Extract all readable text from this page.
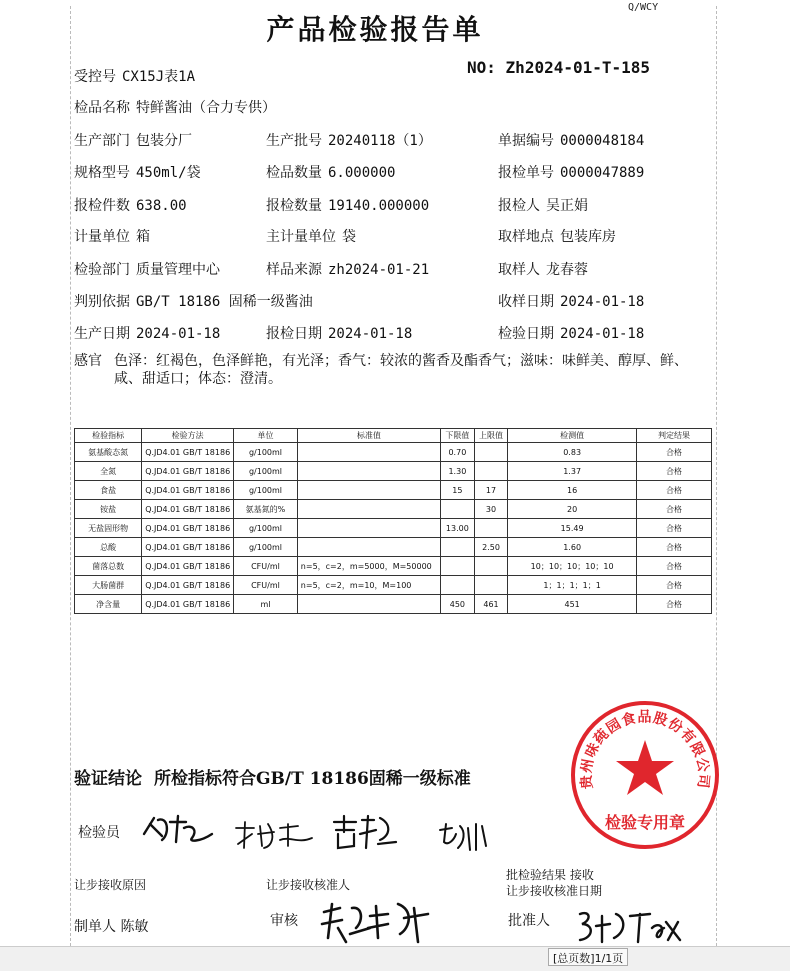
Q/WCY
产品检验报告单
受控号 CX15J表1A	NO: Zh2024-01-T-185
检品名称 特鲜酱油（合力专供）
生产部门 包装分厂	生产批号 20240118（1）	单据编号 0000048184
规格型号 450ml/袋	检品数量 6.000000	报检单号 0000047889
报检件数 638.00	报检数量 19140.000000	报检人 吴正娟
计量单位 箱	主计量单位 袋	取样地点 包装库房
检验部门 质量管理中心	样品来源 zh2024-01-21	取样人 龙春蓉
判别依据 GB/T 18186 固稀一级酱油	收样日期 2024-01-18
生产日期 2024-01-18	报检日期 2024-01-18	检验日期 2024-01-18
感官 色泽：红褐色，色泽鲜艳，有光泽；香气：较浓的酱香及酯香气；滋味：味鲜美、醇厚、鲜、咸、甜适口；体态：澄清。
检验指标	检验方法	单位	标准值	下限值	上限值	检测值	判定结果
氨基酸态氮	Q.JD4.01 GB/T 18186	g/100ml		0.70		0.83	合格
全氮	Q.JD4.01 GB/T 18186	g/100ml		1.30		1.37	合格
食盐	Q.JD4.01 GB/T 18186	g/100ml		15	17	16	合格
铵盐	Q.JD4.01 GB/T 18186	氨基氮的%			30	20	合格
无盐固形物	Q.JD4.01 GB/T 18186	g/100ml		13.00		15.49	合格
总酸	Q.JD4.01 GB/T 18186	g/100ml			2.50	1.60	合格
菌落总数	Q.JD4.01 GB/T 18186	CFU/ml	n=5，c=2，m=5000，M=50000			10；10；10；10；10	合格
大肠菌群	Q.JD4.01 GB/T 18186	CFU/ml	n=5，c=2，m=10，M=100			1；1；1；1；1	合格
净含量	Q.JD4.01 GB/T 18186	ml		450	461	451	合格
验证结论 所检指标符合GB/T 18186固稀一级标准
检验员
让步接收原因	让步接收核准人
批检验结果 接收
让步接收核准日期
制单人 陈敏	审核	批准人
贵州味莼园食品股份有限公司
检验专用章
[总页数]1/1页
